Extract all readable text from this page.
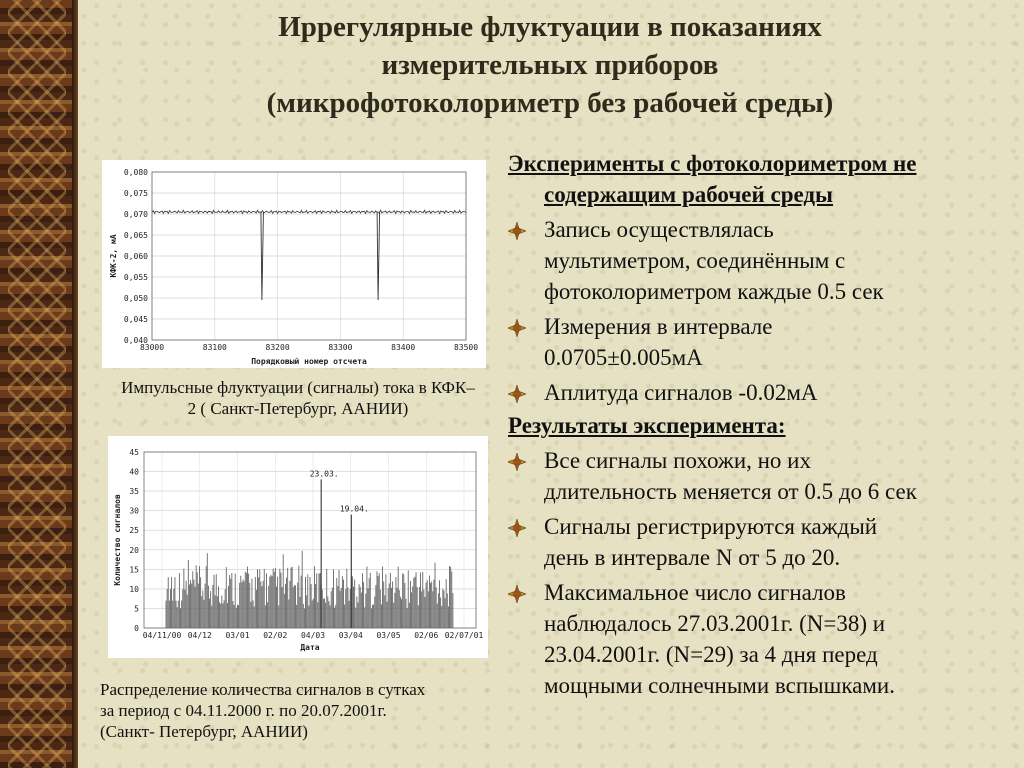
Иррегулярные флуктуации в показаниях
измерительных приборов
(микрофотоколориметр без рабочей среды)
0,040
0,045
0,050
0,055
0,060
0,065
0,070
0,075
0,080
83000	83100	83200	83300	83400	83500
Порядковый номер отсчета
КФК-2, мА
Импульсные флуктуации (сигналы) тока в КФК–
2 ( Санкт-Петербург, ААНИИ)
0
5
10
15
20
25
30
35
40
45
04/11/00 04/12 03/01 02/02 04/03 03/04 03/05 02/06 02/07/01
23.03.
19.04.
Дата
Количество сигналов
Распределение количества сигналов в сутках
за период с 04.11.2000 г. по 20.07.2001г.
(Санкт- Петербург, ААНИИ)
Эксперименты с фотоколориметром не
содержащим рабочей среды
Запись осуществлялась
мультиметром, соединённым с
фотоколориметром каждые 0.5 сек
Измерения в интервале
0.0705±0.005мА
Аплитуда сигналов -0.02мА
Результаты эксперимента:
Все сигналы похожи, но их
длительность меняется от 0.5 до 6 сек
Сигналы регистрируются каждый
день в интервале N от 5 до 20.
Максимальное число сигналов
наблюдалось 27.03.2001г. (N=38) и
23.04.2001г. (N=29) за 4 дня перед
мощными солнечными вспышками.
